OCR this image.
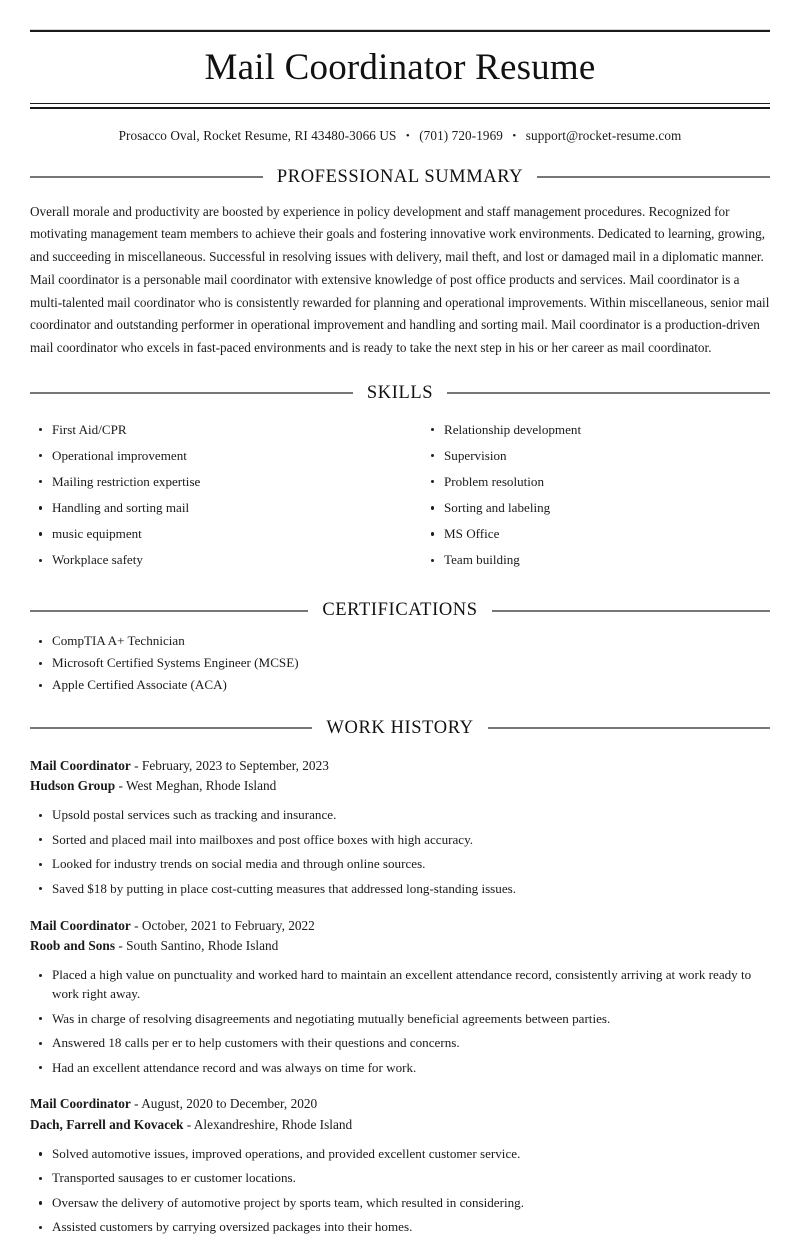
Mail Coordinator Resume
Prosacco Oval, Rocket Resume, RI 43480-3066 US • (701) 720-1969 • support@rocket-resume.com
PROFESSIONAL SUMMARY

Overall morale and productivity are boosted by experience in policy development and staff management procedures. Recognized for motivating management team members to achieve their goals and fostering innovative work environments. Dedicated to learning, growing, and succeeding in miscellaneous. Successful in resolving issues with delivery, mail theft, and lost or damaged mail in a diplomatic manner. Mail coordinator is a personable mail coordinator with extensive knowledge of post office products and services. Mail coordinator is a multi-talented mail coordinator who is consistently rewarded for planning and operational improvements. Within miscellaneous, senior mail coordinator and outstanding performer in operational improvement and handling and sorting mail. Mail coordinator is a production-driven mail coordinator who excels in fast-paced environments and is ready to take the next step in his or her career as mail coordinator.

SKILLS
First Aid/CPR
Operational improvement
Mailing restriction expertise
Handling and sorting mail
music equipment
Workplace safety
Relationship development
Supervision
Problem resolution
Sorting and labeling
MS Office
Team building
CERTIFICATIONS
CompTIA A+ Technician
Microsoft Certified Systems Engineer (MCSE)
Apple Certified Associate (ACA)
WORK HISTORY
Mail Coordinator - February, 2023 to September, 2023
Hudson Group - West Meghan, Rhode Island
Upsold postal services such as tracking and insurance.
Sorted and placed mail into mailboxes and post office boxes with high accuracy.
Looked for industry trends on social media and through online sources.
Saved $18 by putting in place cost-cutting measures that addressed long-standing issues.
Mail Coordinator - October, 2021 to February, 2022
Roob and Sons - South Santino, Rhode Island
Placed a high value on punctuality and worked hard to maintain an excellent attendance record, consistently arriving at work ready to work right away.
Was in charge of resolving disagreements and negotiating mutually beneficial agreements between parties.
Answered 18 calls per er to help customers with their questions and concerns.
Had an excellent attendance record and was always on time for work.
Mail Coordinator - August, 2020 to December, 2020
Dach, Farrell and Kovacek - Alexandreshire, Rhode Island
Solved automotive issues, improved operations, and provided excellent customer service.
Transported sausages to er customer locations.
Oversaw the delivery of automotive project by sports team, which resulted in considering.
Assisted customers by carrying oversized packages into their homes.
